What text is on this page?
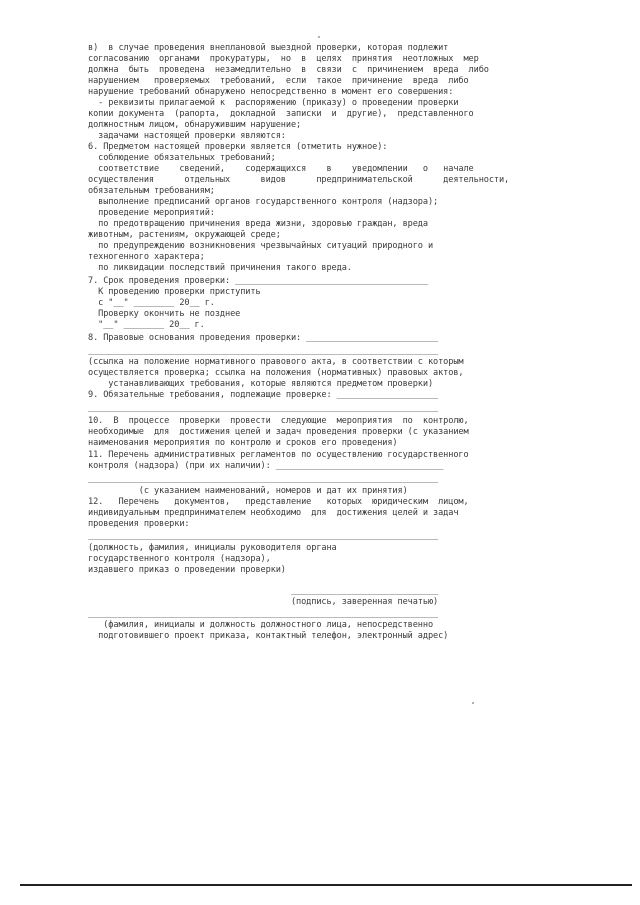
в)  в случае проведения внеплановой выездной проверки, которая подлежит
согласованию  органами  прокуратуры,  но  в  целях  принятия  неотложных  мер
должна  быть  проведена  незамедлительно  в  связи  с  причинением  вреда  либо
нарушением   проверяемых  требований,  если  такое  причинение  вреда  либо
нарушение требований обнаружено непосредственно в момент его совершения:
- реквизиты прилагаемой к  распоряжению (приказу) о проведении проверки
копии документа  (рапорта,  докладной  записки  и  другие),  представленного
должностным лицом, обнаружившим нарушение;
задачами настоящей проверки являются:
6. Предметом настоящей проверки является (отметить нужное):
соблюдение обязательных требований;
соответствие    сведений,    содержащихся    в    уведомлении   о   начале
осуществления      отдельных      видов      предпринимательской      деятельности,
обязательным требованиям;
выполнение предписаний органов государственного контроля (надзора);
проведение мероприятий:
по предотвращению причинения вреда жизни, здоровью граждан, вреда
животным, растениям, окружающей среде;
по предупреждению возникновения чрезвычайных ситуаций природного и
техногенного характера;
по ликвидации последствий причинения такого вреда.
7. Срок проведения проверки: ______________________________________
К проведению проверки приступить
с "__" ________ 20__ г.
Проверку окончить не позднее
"__" ________ 20__ г.
8. Правовые основания проведения проверки: __________________________
_____________________________________________________________________
(ссылка на положение нормативного правового акта, в соответствии с которым
осуществляется проверка; ссылка на положения (нормативных) правовых актов,
устанавливающих требования, которые являются предметом проверки)
9. Обязательные требования, подлежащие проверке: ____________________
_____________________________________________________________________
10.  В  процессе  проверки  провести  следующие  мероприятия  по  контролю,
необходимые  для  достижения целей и задач проведения проверки (с указанием
наименования мероприятия по контролю и сроков его проведения)
11. Перечень административных регламентов по осуществлению государственного
контроля (надзора) (при их наличии): _________________________________
_____________________________________________________________________
(с указанием наименований, номеров и дат их принятия)
12.   Перечень   документов,   представление   которых  юридическим  лицом,
индивидуальным предпринимателем необходимо  для  достижения целей и задач
проведения проверки:
_____________________________________________________________________
(должность, фамилия, инициалы руководителя органа
государственного контроля (надзора),
издавшего приказ о проведении проверки)
_____________________________
(подпись, заверенная печатью)
_____________________________________________________________________
(фамилия, инициалы и должность должностного лица, непосредственно
подготовившего проект приказа, контактный телефон, электронный адрес)
